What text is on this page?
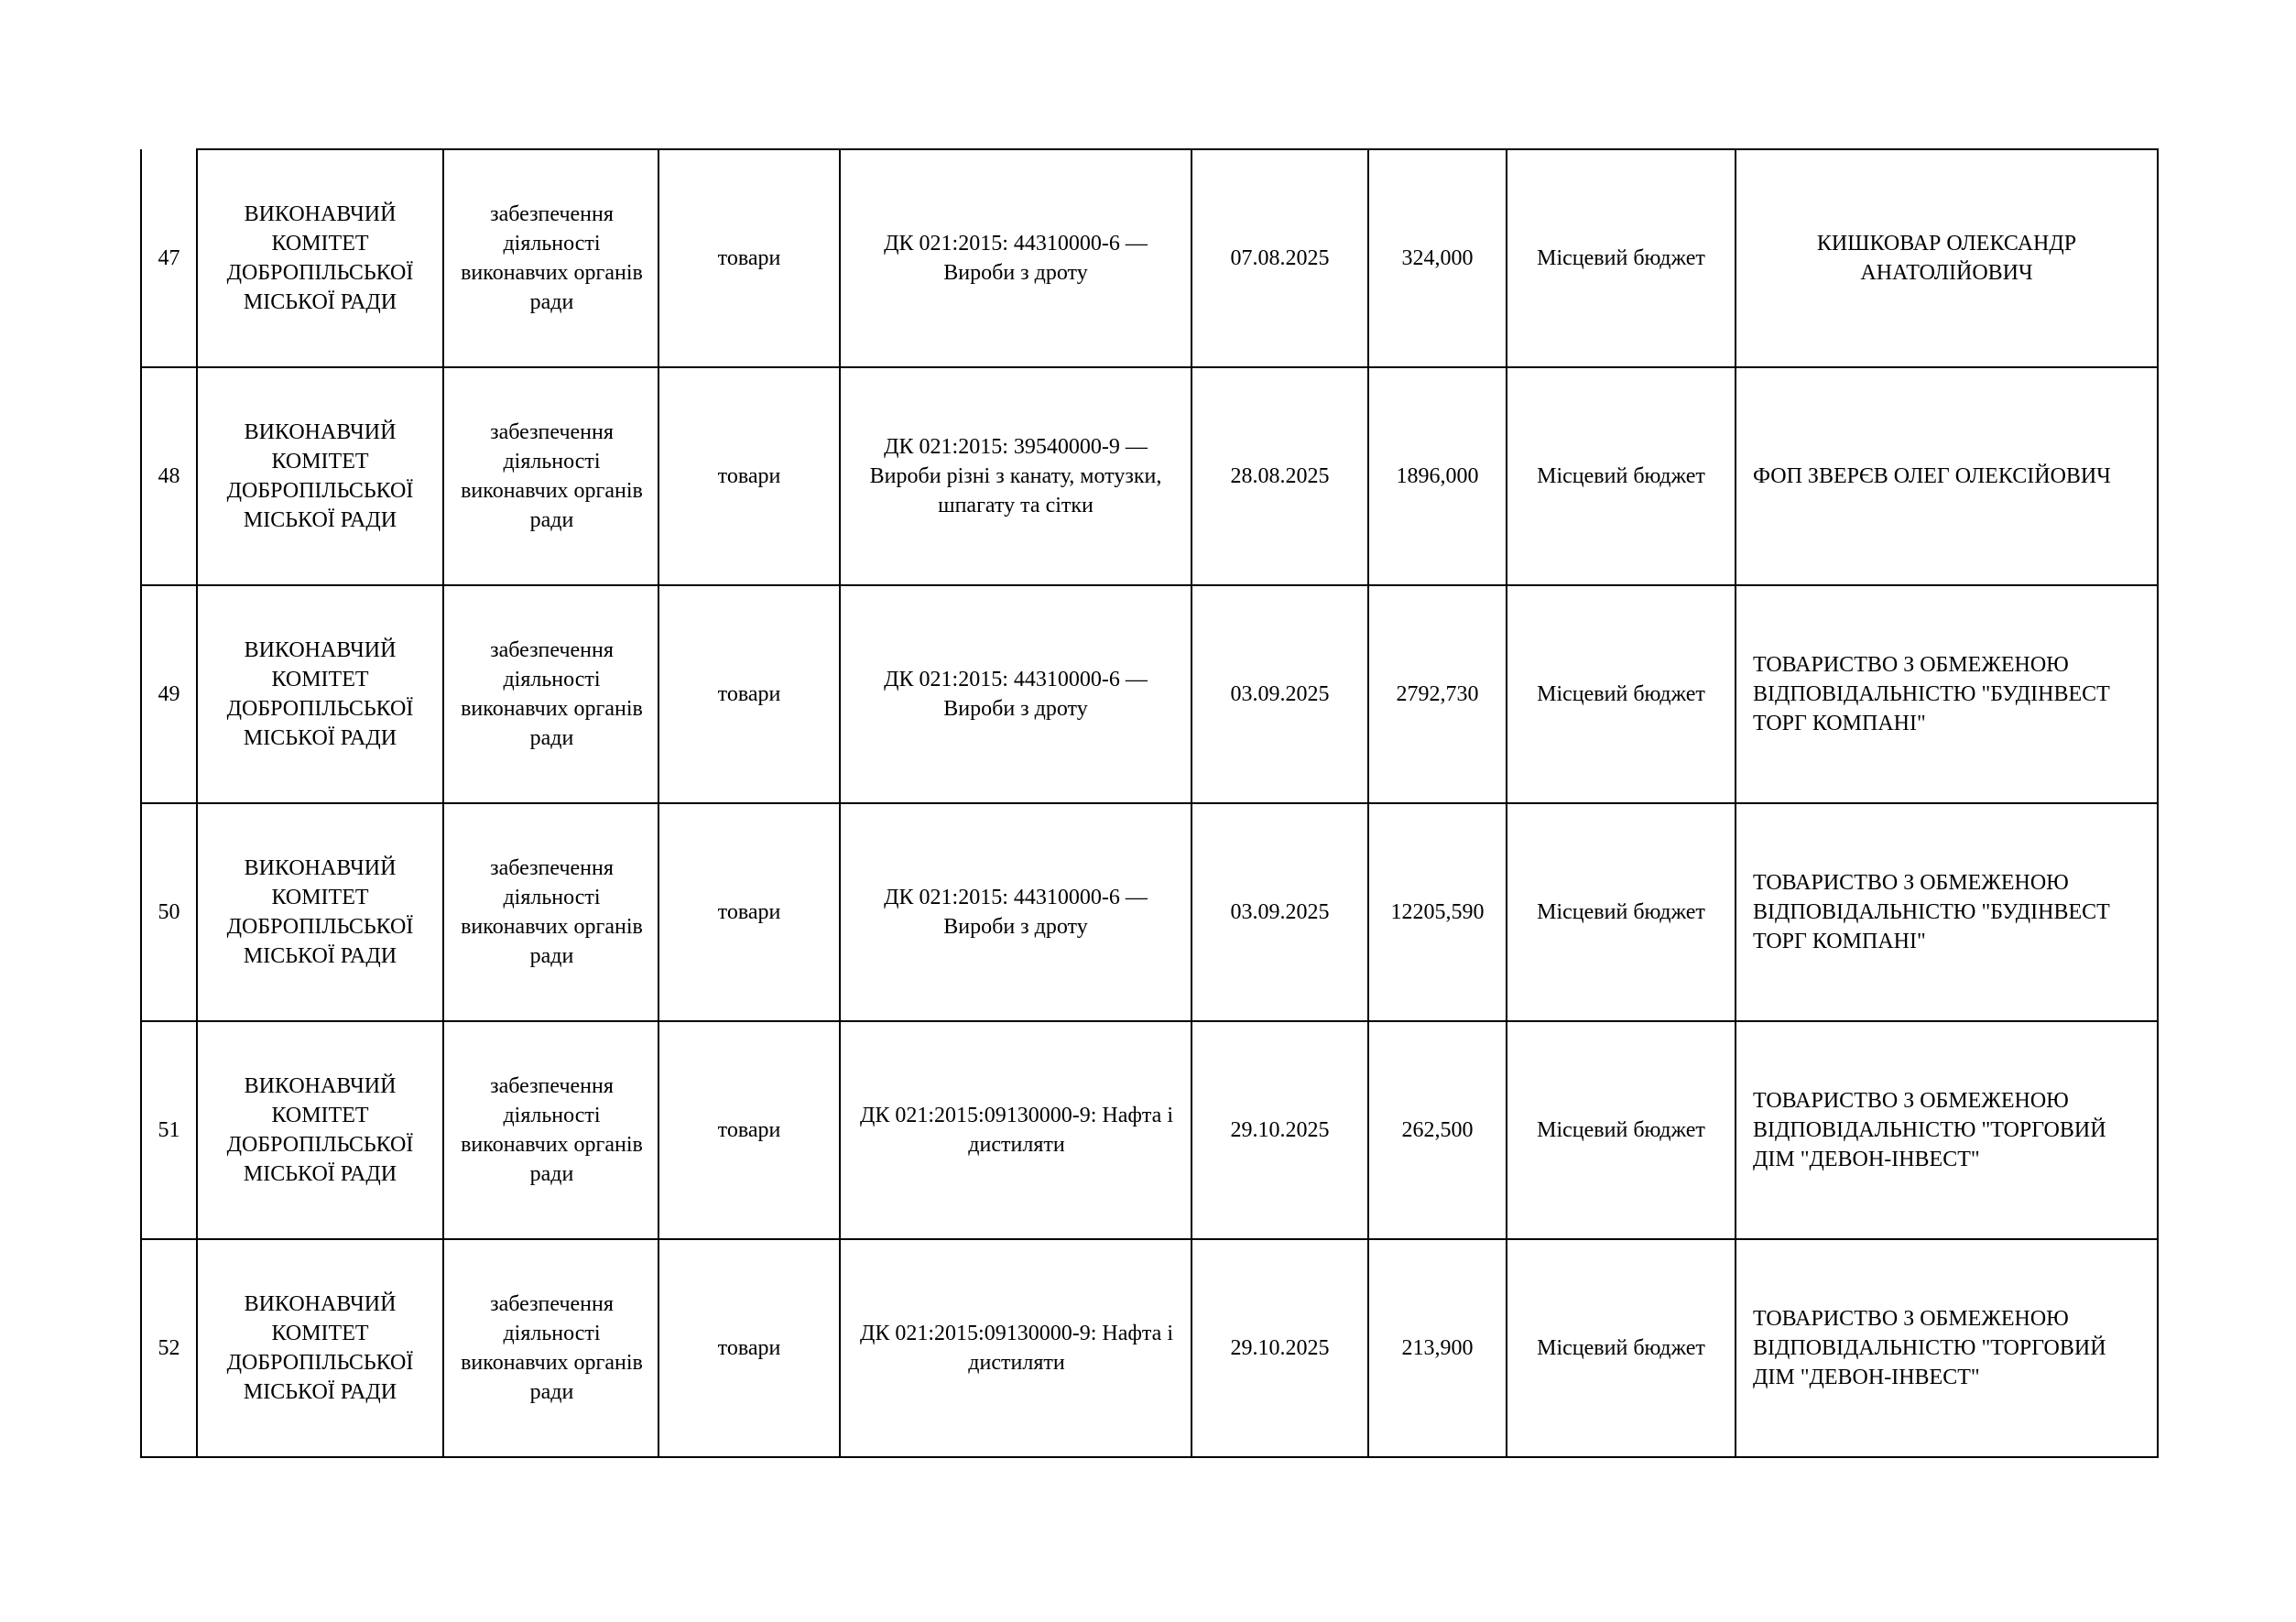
47	ВИКОНАВЧИЙ КОМІТЕТ ДОБРОПІЛЬСЬКОЇ МІСЬКОЇ РАДИ	забезпечення діяльності виконавчих органів ради	товари	ДК 021:2015: 44310000-6 — Вироби з дроту	07.08.2025	324,000	Місцевий бюджет	КИШКОВАР ОЛЕКСАНДР АНАТОЛІЙОВИЧ
48	ВИКОНАВЧИЙ КОМІТЕТ ДОБРОПІЛЬСЬКОЇ МІСЬКОЇ РАДИ	забезпечення діяльності виконавчих органів ради	товари	ДК 021:2015: 39540000-9 — Вироби різні з канату, мотузки, шпагату та сітки	28.08.2025	1896,000	Місцевий бюджет	ФОП ЗВЕРЄВ ОЛЕГ ОЛЕКСІЙОВИЧ
49	ВИКОНАВЧИЙ КОМІТЕТ ДОБРОПІЛЬСЬКОЇ МІСЬКОЇ РАДИ	забезпечення діяльності виконавчих органів ради	товари	ДК 021:2015: 44310000-6 — Вироби з дроту	03.09.2025	2792,730	Місцевий бюджет	ТОВАРИСТВО З ОБМЕЖЕНОЮ ВІДПОВІДАЛЬНІСТЮ "БУДІНВЕСТ ТОРГ КОМПАНІ"
50	ВИКОНАВЧИЙ КОМІТЕТ ДОБРОПІЛЬСЬКОЇ МІСЬКОЇ РАДИ	забезпечення діяльності виконавчих органів ради	товари	ДК 021:2015: 44310000-6 — Вироби з дроту	03.09.2025	12205,590	Місцевий бюджет	ТОВАРИСТВО З ОБМЕЖЕНОЮ ВІДПОВІДАЛЬНІСТЮ "БУДІНВЕСТ ТОРГ КОМПАНІ"
51	ВИКОНАВЧИЙ КОМІТЕТ ДОБРОПІЛЬСЬКОЇ МІСЬКОЇ РАДИ	забезпечення діяльності виконавчих органів ради	товари	ДК 021:2015:09130000-9: Нафта і дистиляти	29.10.2025	262,500	Місцевий бюджет	ТОВАРИСТВО З ОБМЕЖЕНОЮ ВІДПОВІДАЛЬНІСТЮ "ТОРГОВИЙ ДІМ "ДЕВОН-ІНВЕСТ"
52	ВИКОНАВЧИЙ КОМІТЕТ ДОБРОПІЛЬСЬКОЇ МІСЬКОЇ РАДИ	забезпечення діяльності виконавчих органів ради	товари	ДК 021:2015:09130000-9: Нафта і дистиляти	29.10.2025	213,900	Місцевий бюджет	ТОВАРИСТВО З ОБМЕЖЕНОЮ ВІДПОВІДАЛЬНІСТЮ "ТОРГОВИЙ ДІМ "ДЕВОН-ІНВЕСТ"
